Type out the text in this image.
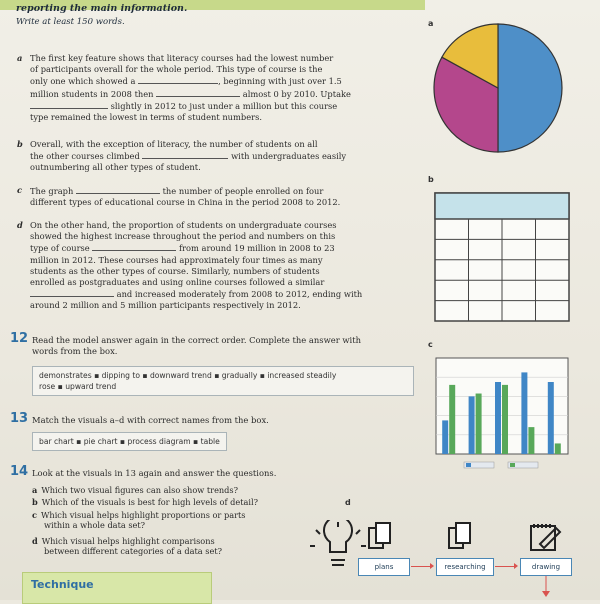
reporting the main information.
Write at least 150 words.
a The first key feature shows that literacy courses had the lowest number
of participants overall for the whole period. This type of course is the
only one which showed a	, beginning with just over 1.5
million students in 2008 then	almost 0 by 2010. Uptake
slightly in 2012 to just under a million but this course
type remained the lowest in terms of student numbers.
b Overall, with the exception of literacy, the number of students on all
the other courses climbed	with undergraduates easily
outnumbering all other types of student.
c The graph	the number of people enrolled on four
different types of educational course in China in the period 2008 to 2012.
d On the other hand, the proportion of students on undergraduate courses
showed the highest increase throughout the period and numbers on this
type of course	from around 19 million in 2008 to 23
million in 2012. These courses had approximately four times as many
students as the other types of course. Similarly, numbers of students
enrolled as postgraduates and using online courses followed a similar
and increased moderately from 2008 to 2012, ending with
around 2 million and 5 million participants respectively in 2012.
12 Read the model answer again in the correct order. Complete the answer with
words from the box.
demonstrates ▪ dipping to ▪ downward trend ▪ gradually ▪ increased steadily
rose ▪ upward trend
13 Match the visuals a–d with correct names from the box.
bar chart ▪ pie chart ▪ process diagram ▪ table
14 Look at the visuals in 13 again and answer the questions.
a Which two visual figures can also show trends?
b Which of the visuals is best for high levels of detail?
c Which visual helps highlight proportions or parts
within a whole data set?
d Which visual helps highlight comparisons
between different categories of a data set?
Technique
a
b
c
d
plans	researching	drawing
